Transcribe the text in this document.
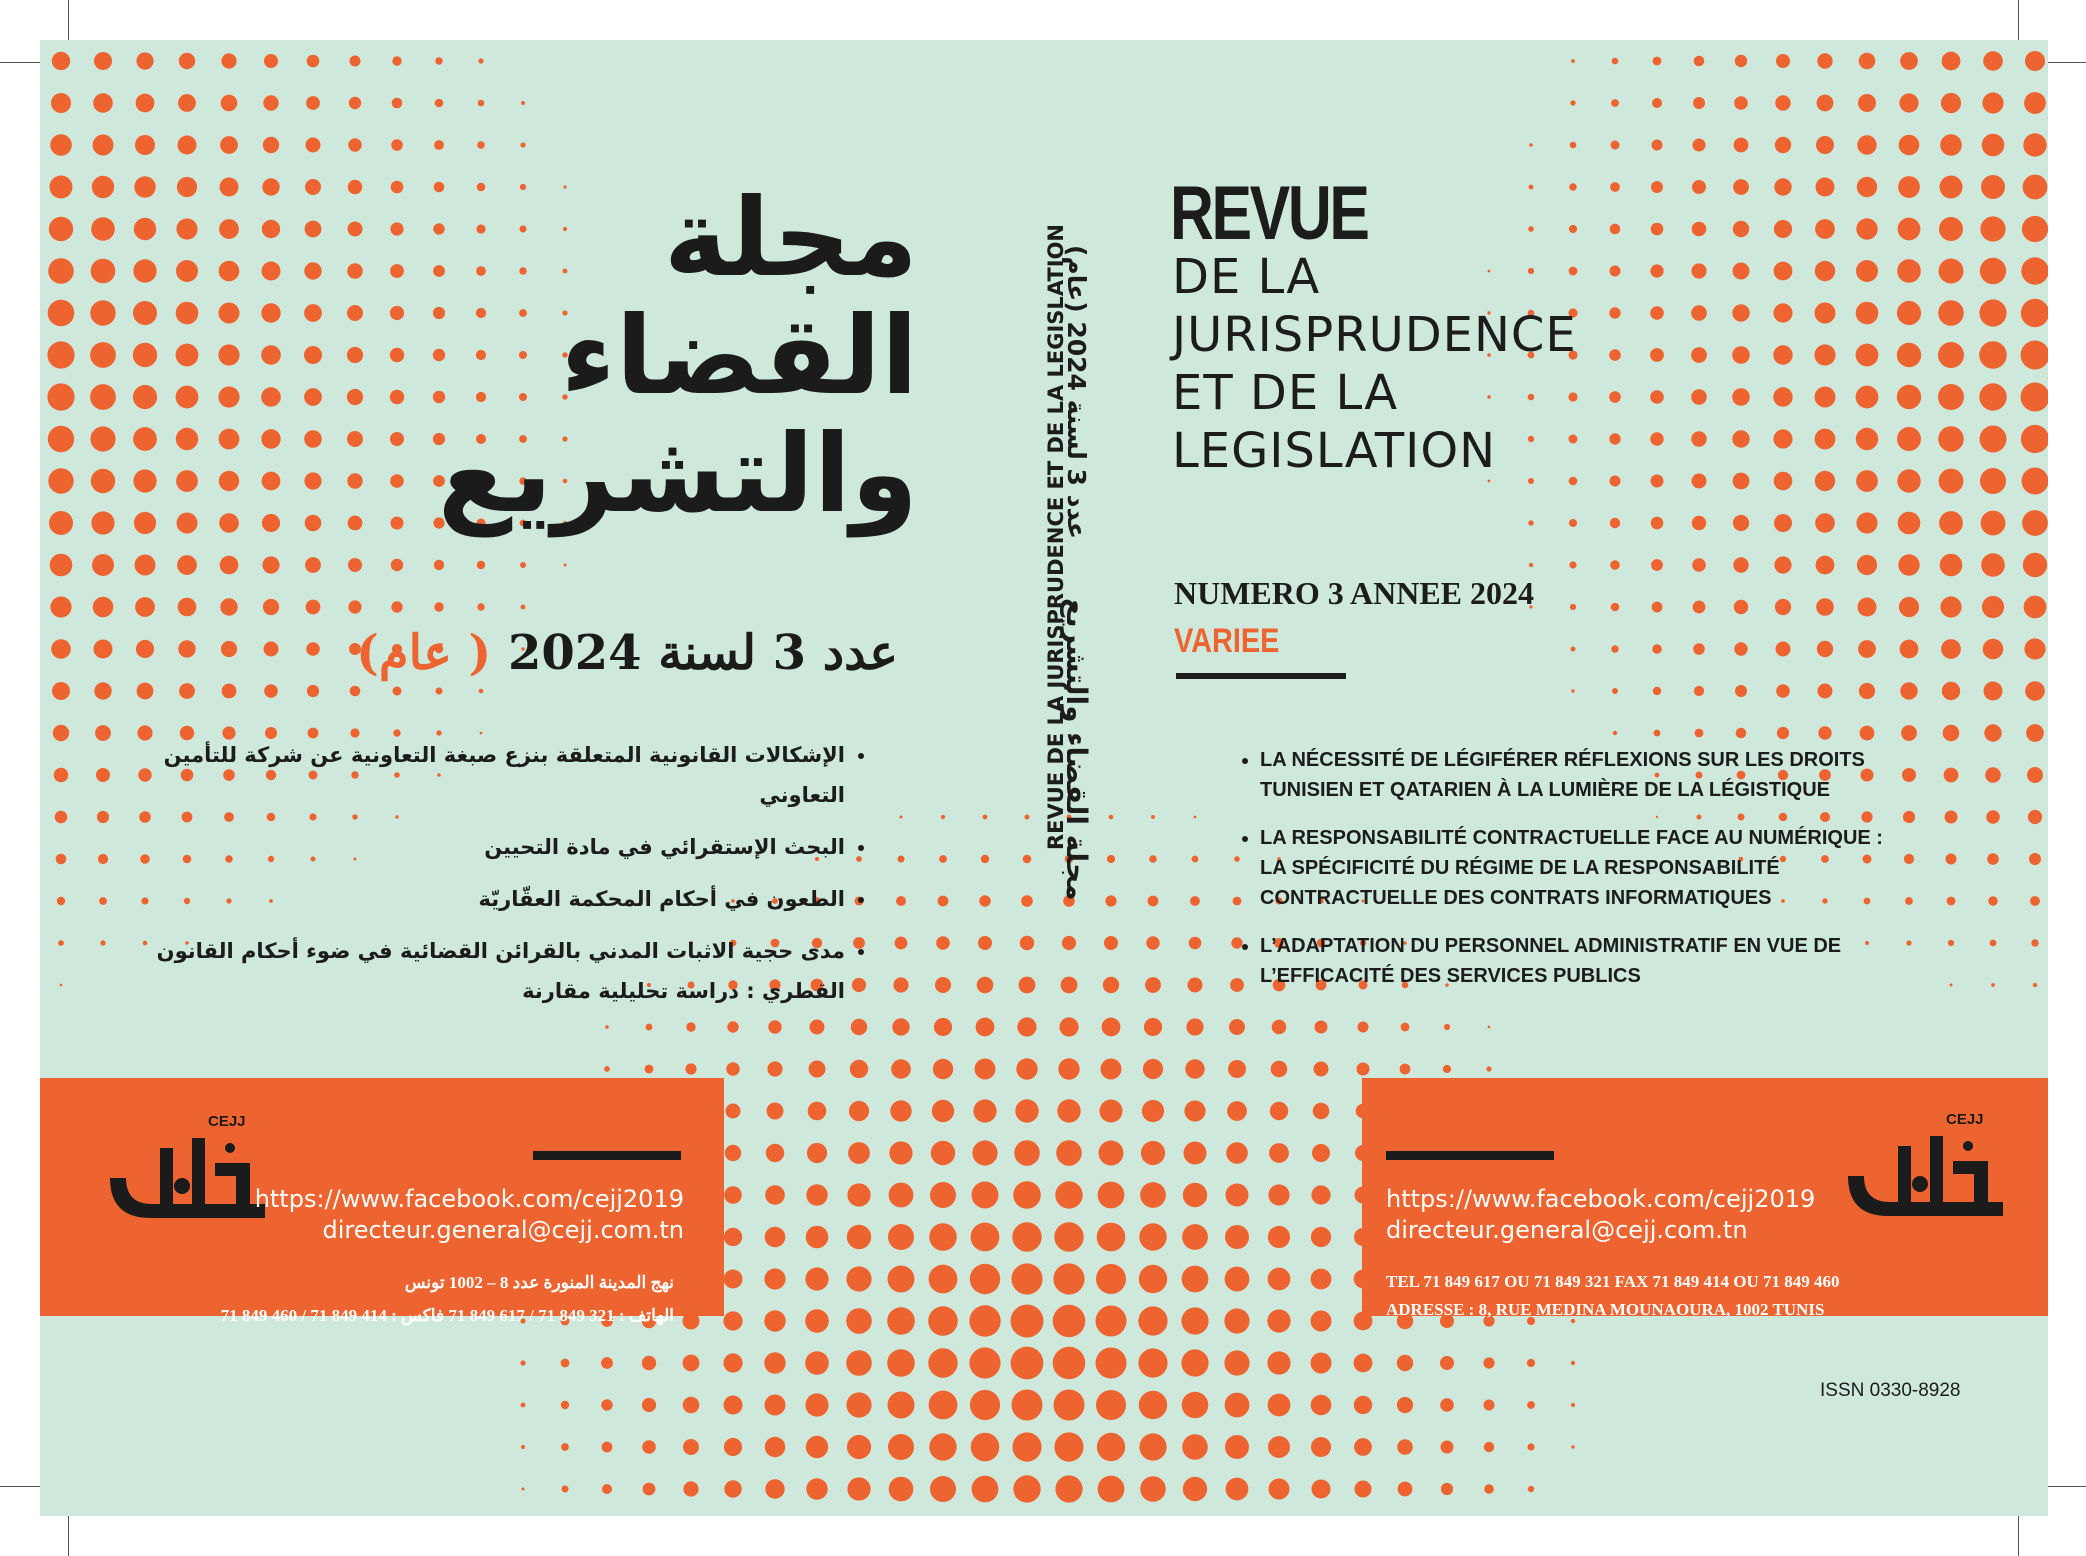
مجلة
القضاء
والتشريع
عدد 3 لسنة 2024 ( عام)
• الإشكالات القانونية المتعلقة بنزع صبغة التعاونية عن شركة للتأمين التعاوني
• البحث الإستقرائي في مادة التحيين
• الطعون في أحكام المحكمة العقّاريّة
• مدى حجية الاثبات المدني بالقرائن القضائية في ضوء أحكام القانون القطري : دراسة تحليلية مقارنة
عدد 3 لسنة 2024 (عام)
مجلة القضاء والتشريع
REVUE DE LA JURISPRUDENCE ET DE LA LEGISLATION
REVUE
DE LA
JURISPRUDENCE
ET DE LA
LEGISLATION
NUMERO 3 ANNEE 2024
VARIEE
• LA NÉCESSITÉ DE LÉGIFÉRER RÉFLEXIONS SUR LES DROITS TUNISIEN ET QATARIEN À LA LUMIÈRE DE LA LÉGISTIQUE
• LA RESPONSABILITÉ CONTRACTUELLE FACE AU NUMÉRIQUE : LA SPÉCIFICITÉ DU RÉGIME DE LA RESPONSABILITÉ CONTRACTUELLE DES CONTRATS INFORMATIQUES
• L’ADAPTATION DU PERSONNEL ADMINISTRATIF EN VUE DE L’EFFICACITÉ DES SERVICES PUBLICS
CEJJ
https://www.facebook.com/cejj2019
directeur.general@cejj.com.tn
نهج المدينة المنورة عدد 8 – 1002 تونس
الهاتف : 321 849 71 / 617 849 71 فاكس : 414 849 71 / 460 849 71
https://www.facebook.com/cejj2019
directeur.general@cejj.com.tn
TEL 71 849 617 OU 71 849 321 FAX 71 849 414 OU 71 849 460
ADRESSE : 8, RUE MEDINA MOUNAOURA, 1002 TUNIS
CEJJ
ISSN 0330-8928
